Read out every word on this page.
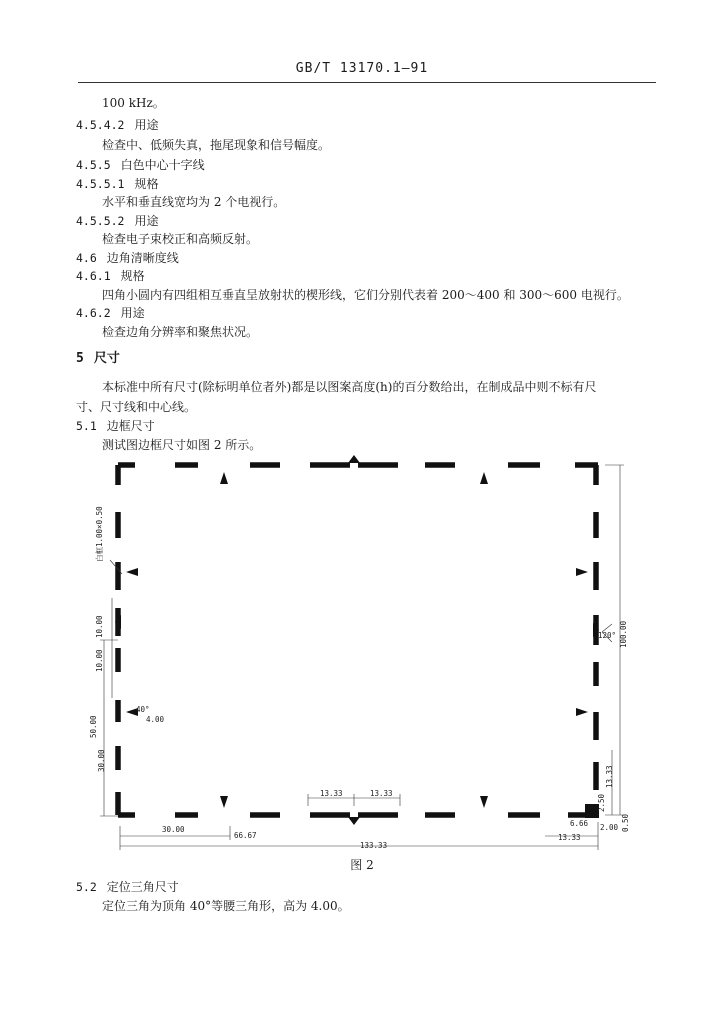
GB/T 13170.1—91
100 kHz。
4.5.4.2 用途
检查中、低频失真，拖尾现象和信号幅度。
4.5.5 白色中心十字线
4.5.5.1 规格
水平和垂直线宽均为 2 个电视行。
4.5.5.2 用途
检查电子束校正和高频反射。
4.6 边角清晰度线
4.6.1 规格
四角小圆内有四组相互垂直呈放射状的楔形线，它们分别代表着 200～400 和 300～600 电视行。
4.6.2 用途
检查边角分辨率和聚焦状况。
5 尺寸
本标准中所有尺寸(除标明单位者外)都是以图案高度(h)的百分数给出，在制成品中则不标有尺
寸、尺寸线和中心线。
5.1 边框尺寸
测试图边框尺寸如图 2 所示。
白框1.00×0.50
10.00
10.00
50.00
30.00
40°
4.00
30.00
66.67
133.33
13.33	13.33
13.33
13.33
100.00
120°
6.66
2.50
2.00 0.50
图 2
5.2 定位三角尺寸
定位三角为顶角 40°等腰三角形，高为 4.00。
